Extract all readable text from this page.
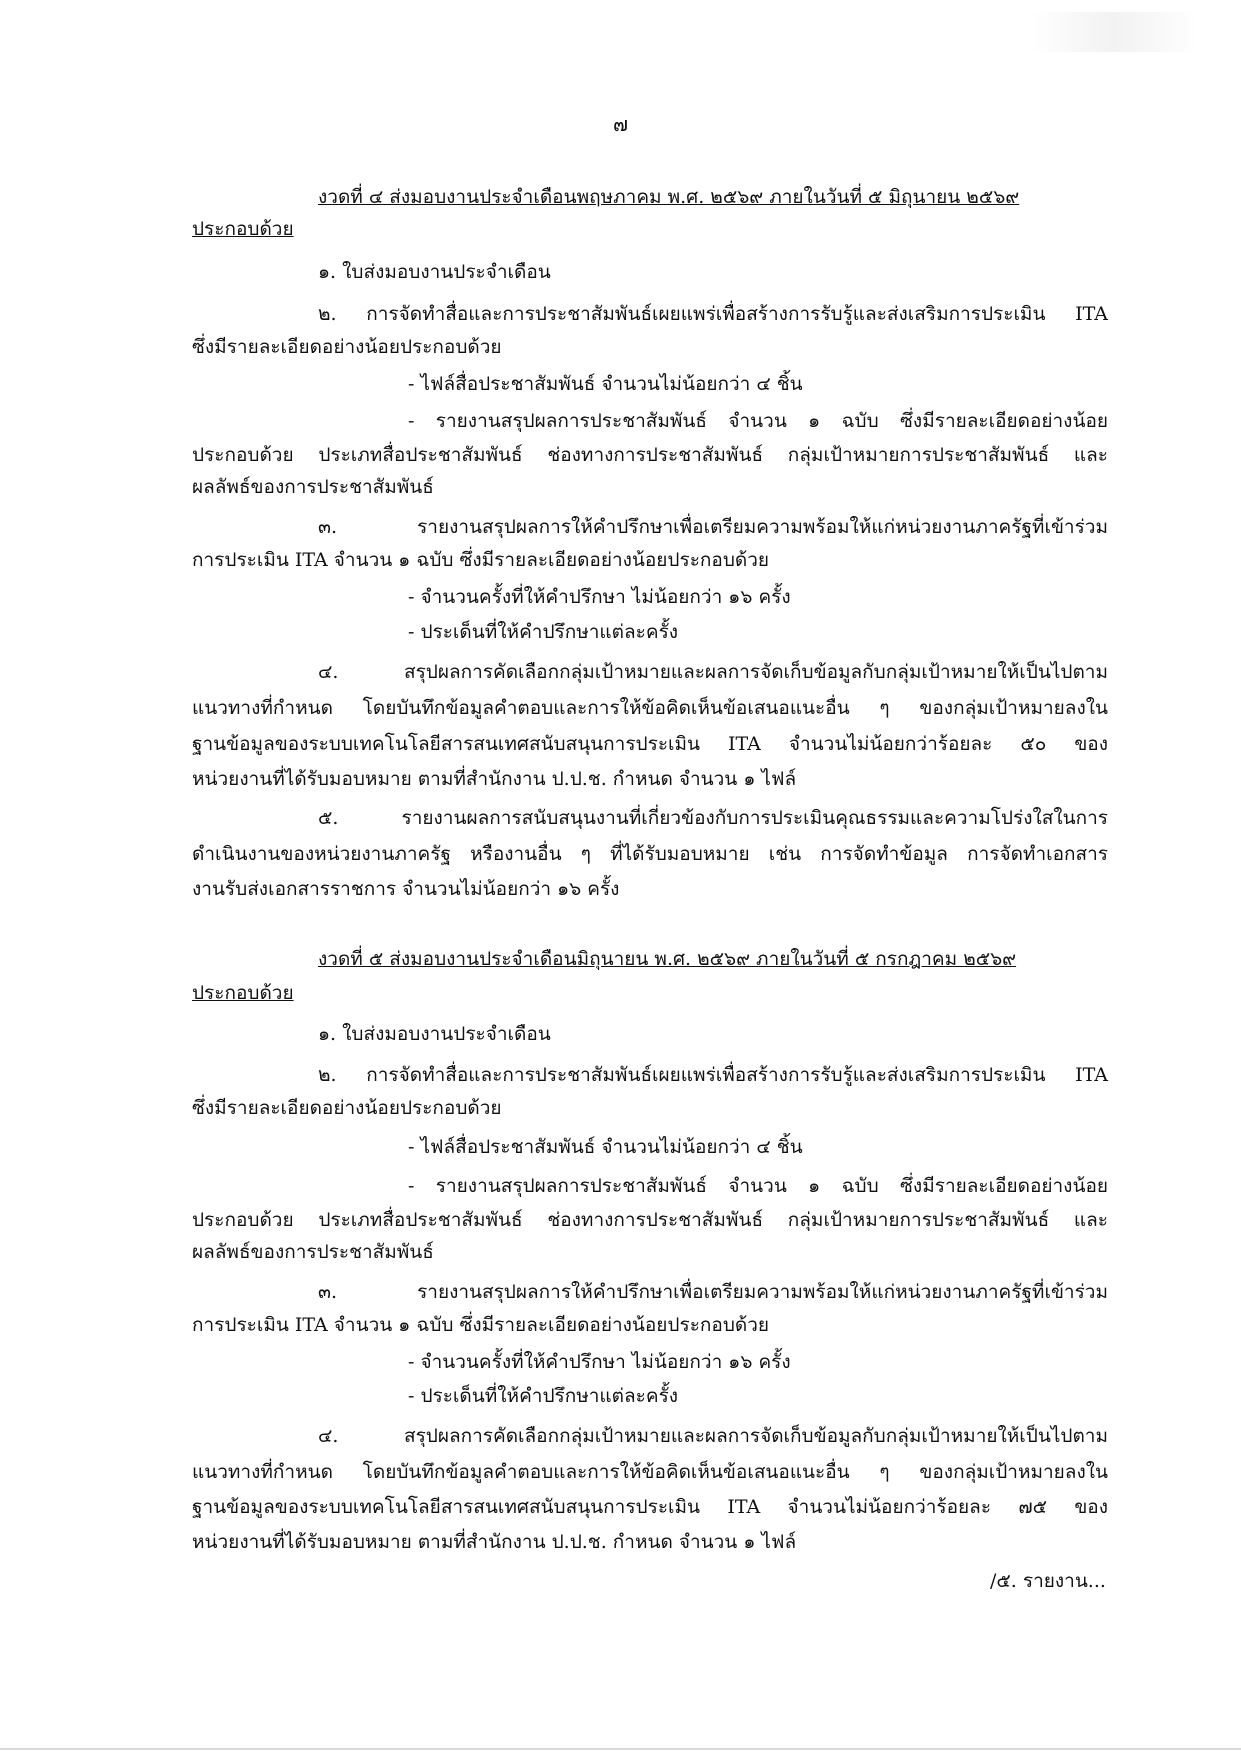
๗
งวดที่ ๔ ส่งมอบงานประจำเดือนพฤษภาคม พ.ศ. ๒๕๖๙ ภายในวันที่ ๕ มิถุนายน ๒๕๖๙
ประกอบด้วย
๑. ใบส่งมอบงานประจำเดือน
๒. การจัดทำสื่อและการประชาสัมพันธ์เผยแพร่เพื่อสร้างการรับรู้และส่งเสริมการประเมิน ITA
ซึ่งมีรายละเอียดอย่างน้อยประกอบด้วย
- ไฟล์สื่อประชาสัมพันธ์ จำนวนไม่น้อยกว่า ๔ ชิ้น
- รายงานสรุปผลการประชาสัมพันธ์ จำนวน ๑ ฉบับ ซึ่งมีรายละเอียดอย่างน้อย
ประกอบด้วย ประเภทสื่อประชาสัมพันธ์ ช่องทางการประชาสัมพันธ์ กลุ่มเป้าหมายการประชาสัมพันธ์ และ
ผลลัพธ์ของการประชาสัมพันธ์
๓. รายงานสรุปผลการให้คำปรึกษาเพื่อเตรียมความพร้อมให้แก่หน่วยงานภาครัฐที่เข้าร่วม
การประเมิน ITA จำนวน ๑ ฉบับ ซึ่งมีรายละเอียดอย่างน้อยประกอบด้วย
- จำนวนครั้งที่ให้คำปรึกษา ไม่น้อยกว่า ๑๖ ครั้ง
- ประเด็นที่ให้คำปรึกษาแต่ละครั้ง
๔. สรุปผลการคัดเลือกกลุ่มเป้าหมายและผลการจัดเก็บข้อมูลกับกลุ่มเป้าหมายให้เป็นไปตาม
แนวทางที่กำหนด โดยบันทึกข้อมูลคำตอบและการให้ข้อคิดเห็นข้อเสนอแนะอื่น ๆ ของกลุ่มเป้าหมายลงใน
ฐานข้อมูลของระบบเทคโนโลยีสารสนเทศสนับสนุนการประเมิน ITA จำนวนไม่น้อยกว่าร้อยละ ๕๐ ของ
หน่วยงานที่ได้รับมอบหมาย ตามที่สำนักงาน ป.ป.ช. กำหนด จำนวน ๑ ไฟล์
๕. รายงานผลการสนับสนุนงานที่เกี่ยวข้องกับการประเมินคุณธรรมและความโปร่งใสในการ
ดำเนินงานของหน่วยงานภาครัฐ หรืองานอื่น ๆ ที่ได้รับมอบหมาย เช่น การจัดทำข้อมูล การจัดทำเอกสาร
งานรับส่งเอกสารราชการ จำนวนไม่น้อยกว่า ๑๖ ครั้ง
งวดที่ ๕ ส่งมอบงานประจำเดือนมิถุนายน พ.ศ. ๒๕๖๙ ภายในวันที่ ๕ กรกฎาคม ๒๕๖๙
ประกอบด้วย
๑. ใบส่งมอบงานประจำเดือน
๒. การจัดทำสื่อและการประชาสัมพันธ์เผยแพร่เพื่อสร้างการรับรู้และส่งเสริมการประเมิน ITA
ซึ่งมีรายละเอียดอย่างน้อยประกอบด้วย
- ไฟล์สื่อประชาสัมพันธ์ จำนวนไม่น้อยกว่า ๔ ชิ้น
- รายงานสรุปผลการประชาสัมพันธ์ จำนวน ๑ ฉบับ ซึ่งมีรายละเอียดอย่างน้อย
ประกอบด้วย ประเภทสื่อประชาสัมพันธ์ ช่องทางการประชาสัมพันธ์ กลุ่มเป้าหมายการประชาสัมพันธ์ และ
ผลลัพธ์ของการประชาสัมพันธ์
๓. รายงานสรุปผลการให้คำปรึกษาเพื่อเตรียมความพร้อมให้แก่หน่วยงานภาครัฐที่เข้าร่วม
การประเมิน ITA จำนวน ๑ ฉบับ ซึ่งมีรายละเอียดอย่างน้อยประกอบด้วย
- จำนวนครั้งที่ให้คำปรึกษา ไม่น้อยกว่า ๑๖ ครั้ง
- ประเด็นที่ให้คำปรึกษาแต่ละครั้ง
๔. สรุปผลการคัดเลือกกลุ่มเป้าหมายและผลการจัดเก็บข้อมูลกับกลุ่มเป้าหมายให้เป็นไปตาม
แนวทางที่กำหนด โดยบันทึกข้อมูลคำตอบและการให้ข้อคิดเห็นข้อเสนอแนะอื่น ๆ ของกลุ่มเป้าหมายลงใน
ฐานข้อมูลของระบบเทคโนโลยีสารสนเทศสนับสนุนการประเมิน ITA จำนวนไม่น้อยกว่าร้อยละ ๗๕ ของ
หน่วยงานที่ได้รับมอบหมาย ตามที่สำนักงาน ป.ป.ช. กำหนด จำนวน ๑ ไฟล์
/๕. รายงาน...
